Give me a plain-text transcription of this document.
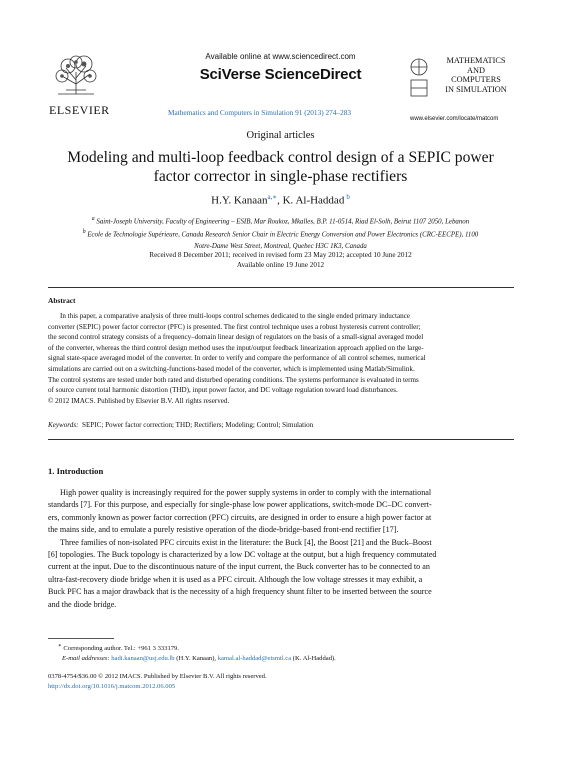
ELSEVIER
Available online at www.sciencedirect.com
SciVerse ScienceDirect
Mathematics and Computers in Simulation 91 (2013) 274–283
MATHEMATICS
AND
COMPUTERS
IN SIMULATION
www.elsevier.com/locate/matcom
Original articles
Modeling and multi-loop feedback control design of a SEPIC power
factor corrector in single-phase rectifiers
H.Y. Kanaan$^{a,∗}$, K. Al-Haddad $^b$
$^a$ Saint-Joseph University, Faculty of Engineering – ESIB, Mar Roukoz, Mkalles, B.P. 11-0514, Riad El-Solh, Beirut 1107 2050, Lebanon
$^b$ Ecole de Technologie Supérieure, Canada Research Senior Chair in Electric Energy Conversion and Power Electronics (CRC-EECPE), 1100
Notre-Dame West Street, Montreal, Quebec H3C 1K3, Canada
Received 8 December 2011; received in revised form 23 May 2012; accepted 10 June 2012
Available online 19 June 2012
Abstract
In this paper, a comparative analysis of three multi-loops control schemes dedicated to the single ended primary inductance
converter (SEPIC) power factor corrector (PFC) is presented. The first control technique uses a robust hysteresis current controller;
the second control strategy consists of a frequency–domain linear design of regulators on the basis of a small-signal averaged model
of the converter, whereas the third control design method uses the input/output feedback linearization approach applied on the large-
signal state-space averaged model of the converter. In order to verify and compare the performance of all control schemes, numerical
simulations are carried out on a switching-functions-based model of the converter, which is implemented using Matlab/Simulink.
The control systems are tested under both rated and disturbed operating conditions. The systems performance is evaluated in terms
of source current total harmonic distortion (THD), input power factor, and DC voltage regulation toward load disturbances.
© 2012 IMACS. Published by Elsevier B.V. All rights reserved.
Keywords: SEPIC; Power factor correction; THD; Rectifiers; Modeling; Control; Simulation
1. Introduction
High power quality is increasingly required for the power supply systems in order to comply with the international
standards [7]. For this purpose, and especially for single-phase low power applications, switch-mode DC–DC convert-
ers, commonly known as power factor correction (PFC) circuits, are designed in order to ensure a high power factor at
the mains side, and to emulate a purely resistive operation of the diode-bridge-based front-end rectifier [17].
Three families of non-isolated PFC circuits exist in the literature: the Buck [4], the Boost [21] and the Buck–Boost
[6] topologies. The Buck topology is characterized by a low DC voltage at the output, but a high frequency commutated
current at the input. Due to the discontinuous nature of the input current, the Buck converter has to be connected to an
ultra-fast-recovery diode bridge when it is used as a PFC circuit. Although the low voltage stresses it may exhibit, a
Buck PFC has a major drawback that is the necessity of a high frequency shunt filter to be inserted between the source
and the diode bridge.
∗ Corresponding author. Tel.: +961 3 333179.
E-mail addresses: hadi.kanaan@usj.edu.lb (H.Y. Kanaan), kamal.al-haddad@etsmtl.ca (K. Al-Haddad).
0378-4754/$36.00 © 2012 IMACS. Published by Elsevier B.V. All rights reserved.
http://dx.doi.org/10.1016/j.matcom.2012.06.005
